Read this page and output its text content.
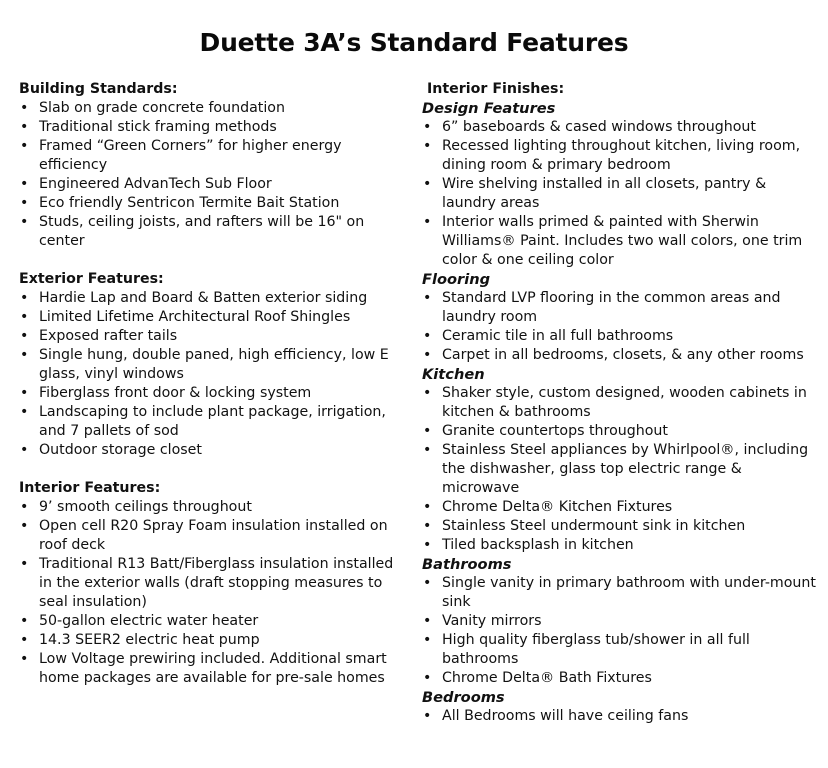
Duette 3A’s Standard Features
Building Standards:
• Slab on grade concrete foundation
• Traditional stick framing methods
• Framed “Green Corners” for higher energy efficiency
• Engineered AdvanTech Sub Floor
• Eco friendly Sentricon Termite Bait Station
• Studs, ceiling joists, and rafters will be 16" on center
Exterior Features:
• Hardie Lap and Board & Batten exterior siding
• Limited Lifetime Architectural Roof Shingles
• Exposed rafter tails
• Single hung, double paned, high efficiency, low E glass, vinyl windows
• Fiberglass front door & locking system
• Landscaping to include plant package, irrigation, and 7 pallets of sod
• Outdoor storage closet
Interior Features:
• 9’ smooth ceilings throughout
• Open cell R20 Spray Foam insulation installed on roof deck
• Traditional R13 Batt/Fiberglass insulation installed in the exterior walls (draft stopping measures to seal insulation)
• 50-gallon electric water heater
• 14.3 SEER2 electric heat pump
• Low Voltage prewiring included. Additional smart home packages are available for pre-sale homes
Interior Finishes:
Design Features
• 6” baseboards & cased windows throughout
• Recessed lighting throughout kitchen, living room, dining room & primary bedroom
• Wire shelving installed in all closets, pantry & laundry areas
• Interior walls primed & painted with Sherwin Williams® Paint. Includes two wall colors, one trim color & one ceiling color
Flooring
• Standard LVP flooring in the common areas and laundry room
• Ceramic tile in all full bathrooms
• Carpet in all bedrooms, closets, & any other rooms
Kitchen
• Shaker style, custom designed, wooden cabinets in kitchen & bathrooms
• Granite countertops throughout
• Stainless Steel appliances by Whirlpool®, including the dishwasher, glass top electric range & microwave
• Chrome Delta® Kitchen Fixtures
• Stainless Steel undermount sink in kitchen
• Tiled backsplash in kitchen
Bathrooms
• Single vanity in primary bathroom with under-mount sink
• Vanity mirrors
• High quality fiberglass tub/shower in all full bathrooms
• Chrome Delta® Bath Fixtures
Bedrooms
• All Bedrooms will have ceiling fans
